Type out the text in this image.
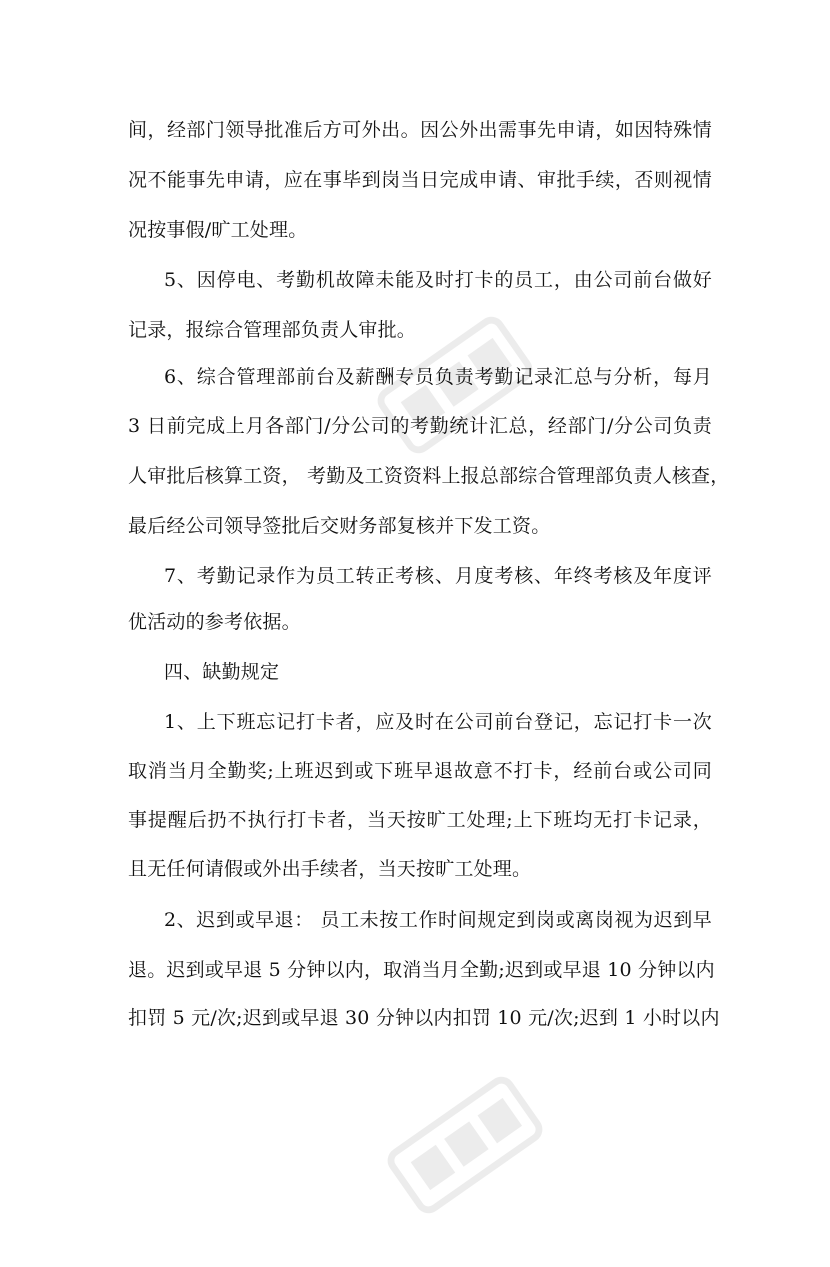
间，经部门领导批准后方可外出。因公外出需事先申请，如因特殊情
况不能事先申请，应在事毕到岗当日完成申请、审批手续，否则视情
况按事假/旷工处理。
5、因停电、考勤机故障未能及时打卡的员工，由公司前台做好
记录，报综合管理部负责人审批。
6、综合管理部前台及薪酬专员负责考勤记录汇总与分析，每月
3 日前完成上月各部门/分公司的考勤统计汇总，经部门/分公司负责
人审批后核算工资， 考勤及工资资料上报总部综合管理部负责人核查，
最后经公司领导签批后交财务部复核并下发工资。
7、考勤记录作为员工转正考核、月度考核、年终考核及年度评
优活动的参考依据。
四、缺勤规定
1、上下班忘记打卡者，应及时在公司前台登记，忘记打卡一次
取消当月全勤奖;上班迟到或下班早退故意不打卡，经前台或公司同
事提醒后扔不执行打卡者，当天按旷工处理;上下班均无打卡记录，
且无任何请假或外出手续者，当天按旷工处理。
2、迟到或早退： 员工未按工作时间规定到岗或离岗视为迟到早
退。迟到或早退 5 分钟以内，取消当月全勤;迟到或早退 10 分钟以内
扣罚 5 元/次;迟到或早退 30 分钟以内扣罚 10 元/次;迟到 1 小时以内
